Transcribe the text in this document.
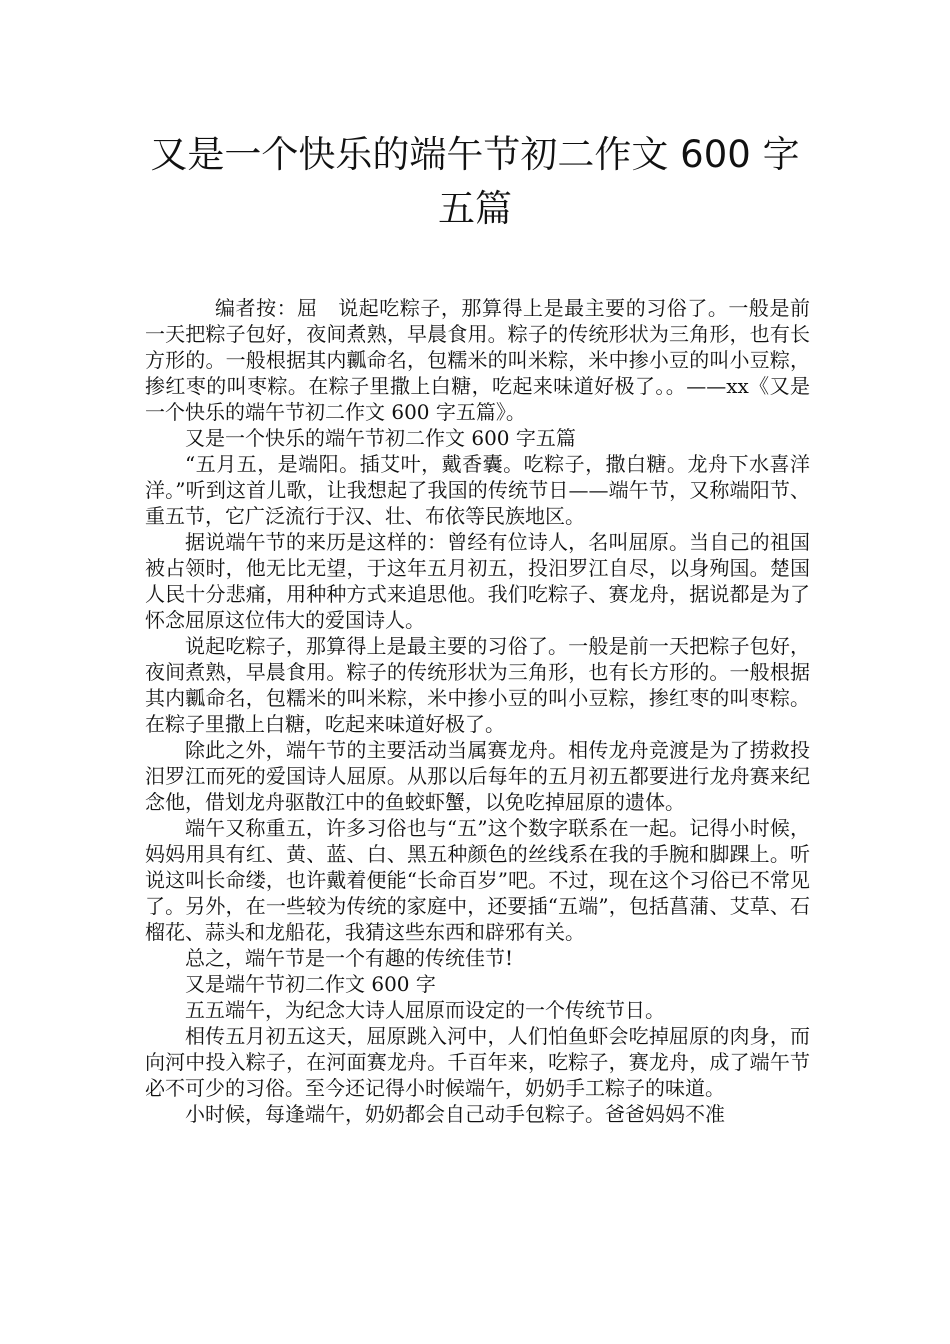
又是一个快乐的端午节初二作文 600 字
五篇

编者按：屈　说起吃粽子，那算得上是最主要的习俗了。一般是前一天把粽子包好，夜间煮熟，早晨食用。粽子的传统形状为三角形，也有长方形的。一般根据其内瓤命名，包糯米的叫米粽，米中掺小豆的叫小豆粽，掺红枣的叫枣粽。在粽子里撒上白糖，吃起来味道好极了。。——xx《又是一个快乐的端午节初二作文 600 字五篇》。

又是一个快乐的端午节初二作文 600 字五篇

“五月五，是端阳。插艾叶，戴香囊。吃粽子，撒白糖。龙舟下水喜洋洋。”听到这首儿歌，让我想起了我国的传统节日——端午节，又称端阳节、重五节，它广泛流行于汉、壮、布依等民族地区。

据说端午节的来历是这样的：曾经有位诗人，名叫屈原。当自己的祖国被占领时，他无比无望，于这年五月初五，投汨罗江自尽，以身殉国。楚国人民十分悲痛，用种种方式来追思他。我们吃粽子、赛龙舟，据说都是为了怀念屈原这位伟大的爱国诗人。

说起吃粽子，那算得上是最主要的习俗了。一般是前一天把粽子包好，夜间煮熟，早晨食用。粽子的传统形状为三角形，也有长方形的。一般根据其内瓤命名，包糯米的叫米粽，米中掺小豆的叫小豆粽，掺红枣的叫枣粽。在粽子里撒上白糖，吃起来味道好极了。

除此之外，端午节的主要活动当属赛龙舟。相传龙舟竞渡是为了捞救投汨罗江而死的爱国诗人屈原。从那以后每年的五月初五都要进行龙舟赛来纪念他，借划龙舟驱散江中的鱼蛟虾蟹，以免吃掉屈原的遗体。

端午又称重五，许多习俗也与“五”这个数字联系在一起。记得小时候，妈妈用具有红、黄、蓝、白、黑五种颜色的丝线系在我的手腕和脚踝上。听说这叫长命缕，也许戴着便能“长命百岁”吧。不过，现在这个习俗已不常见了。另外，在一些较为传统的家庭中，还要插“五端”，包括菖蒲、艾草、石榴花、蒜头和龙船花，我猜这些东西和辟邪有关。

总之，端午节是一个有趣的传统佳节!

又是端午节初二作文 600 字

五五端午，为纪念大诗人屈原而设定的一个传统节日。

相传五月初五这天，屈原跳入河中，人们怕鱼虾会吃掉屈原的肉身，而向河中投入粽子，在河面赛龙舟。千百年来，吃粽子，赛龙舟，成了端午节必不可少的习俗。至今还记得小时候端午，奶奶手工粽子的味道。

小时候，每逢端午，奶奶都会自己动手包粽子。爸爸妈妈不准
